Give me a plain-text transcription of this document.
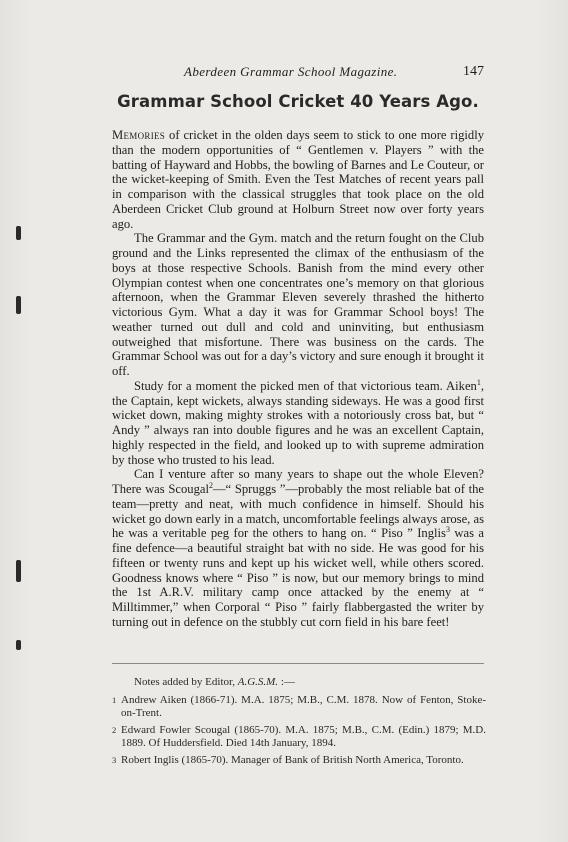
Aberdeen Grammar School Magazine.	147
Grammar School Cricket 40 Years Ago.

Memories of cricket in the olden days seem to stick to one more rigidly than the modern opportunities of “ Gentlemen v. Players ” with the batting of Hayward and Hobbs, the bowling of Barnes and Le Couteur, or the wicket-keeping of Smith. Even the Test Matches of recent years pall in comparison with the classical struggles that took place on the old Aberdeen Cricket Club ground at Holburn Street now over forty years ago.

The Grammar and the Gym. match and the return fought on the Club ground and the Links represented the climax of the enthusiasm of the boys at those respective Schools. Banish from the mind every other Olympian contest when one concentrates one’s memory on that glorious afternoon, when the Grammar Eleven severely thrashed the hitherto victorious Gym. What a day it was for Grammar School boys! The weather turned out dull and cold and uninviting, but enthusiasm outweighed that misfortune. There was business on the cards. The Grammar School was out for a day’s victory and sure enough it brought it off.

Study for a moment the picked men of that victorious team. Aiken$^1$, the Captain, kept wickets, always standing sideways. He was a good first wicket down, making mighty strokes with a notoriously cross bat, but “ Andy ” always ran into double figures and he was an excellent Captain, highly respected in the field, and looked up to with supreme admiration by those who trusted to his lead.

Can I venture after so many years to shape out the whole Eleven? There was Scougal$^2$—“ Spruggs ”—probably the most reliable bat of the team—pretty and neat, with much confidence in himself. Should his wicket go down early in a match, uncomfortable feelings always arose, as he was a veritable peg for the others to hang on. “ Piso ” Inglis$^3$ was a fine defence—a beautiful straight bat with no side. He was good for his fifteen or twenty runs and kept up his wicket well, while others scored. Goodness knows where “ Piso ” is now, but our memory brings to mind the 1st A.R.V. military camp once attacked by the enemy at “ Milltimmer,” when Corporal “ Piso ” fairly flabbergasted the writer by turning out in defence on the stubbly cut corn field in his bare feet!

Notes added by Editor, A.G.S.M. :—
1 Andrew Aiken (1866-71). M.A. 1875; M.B., C.M. 1878. Now of Fenton, Stoke-on-Trent.
2 Edward Fowler Scougal (1865-70). M.A. 1875; M.B., C.M. (Edin.) 1879; M.D. 1889. Of Huddersfield. Died 14th January, 1894.
3 Robert Inglis (1865-70). Manager of Bank of British North America, Toronto.
